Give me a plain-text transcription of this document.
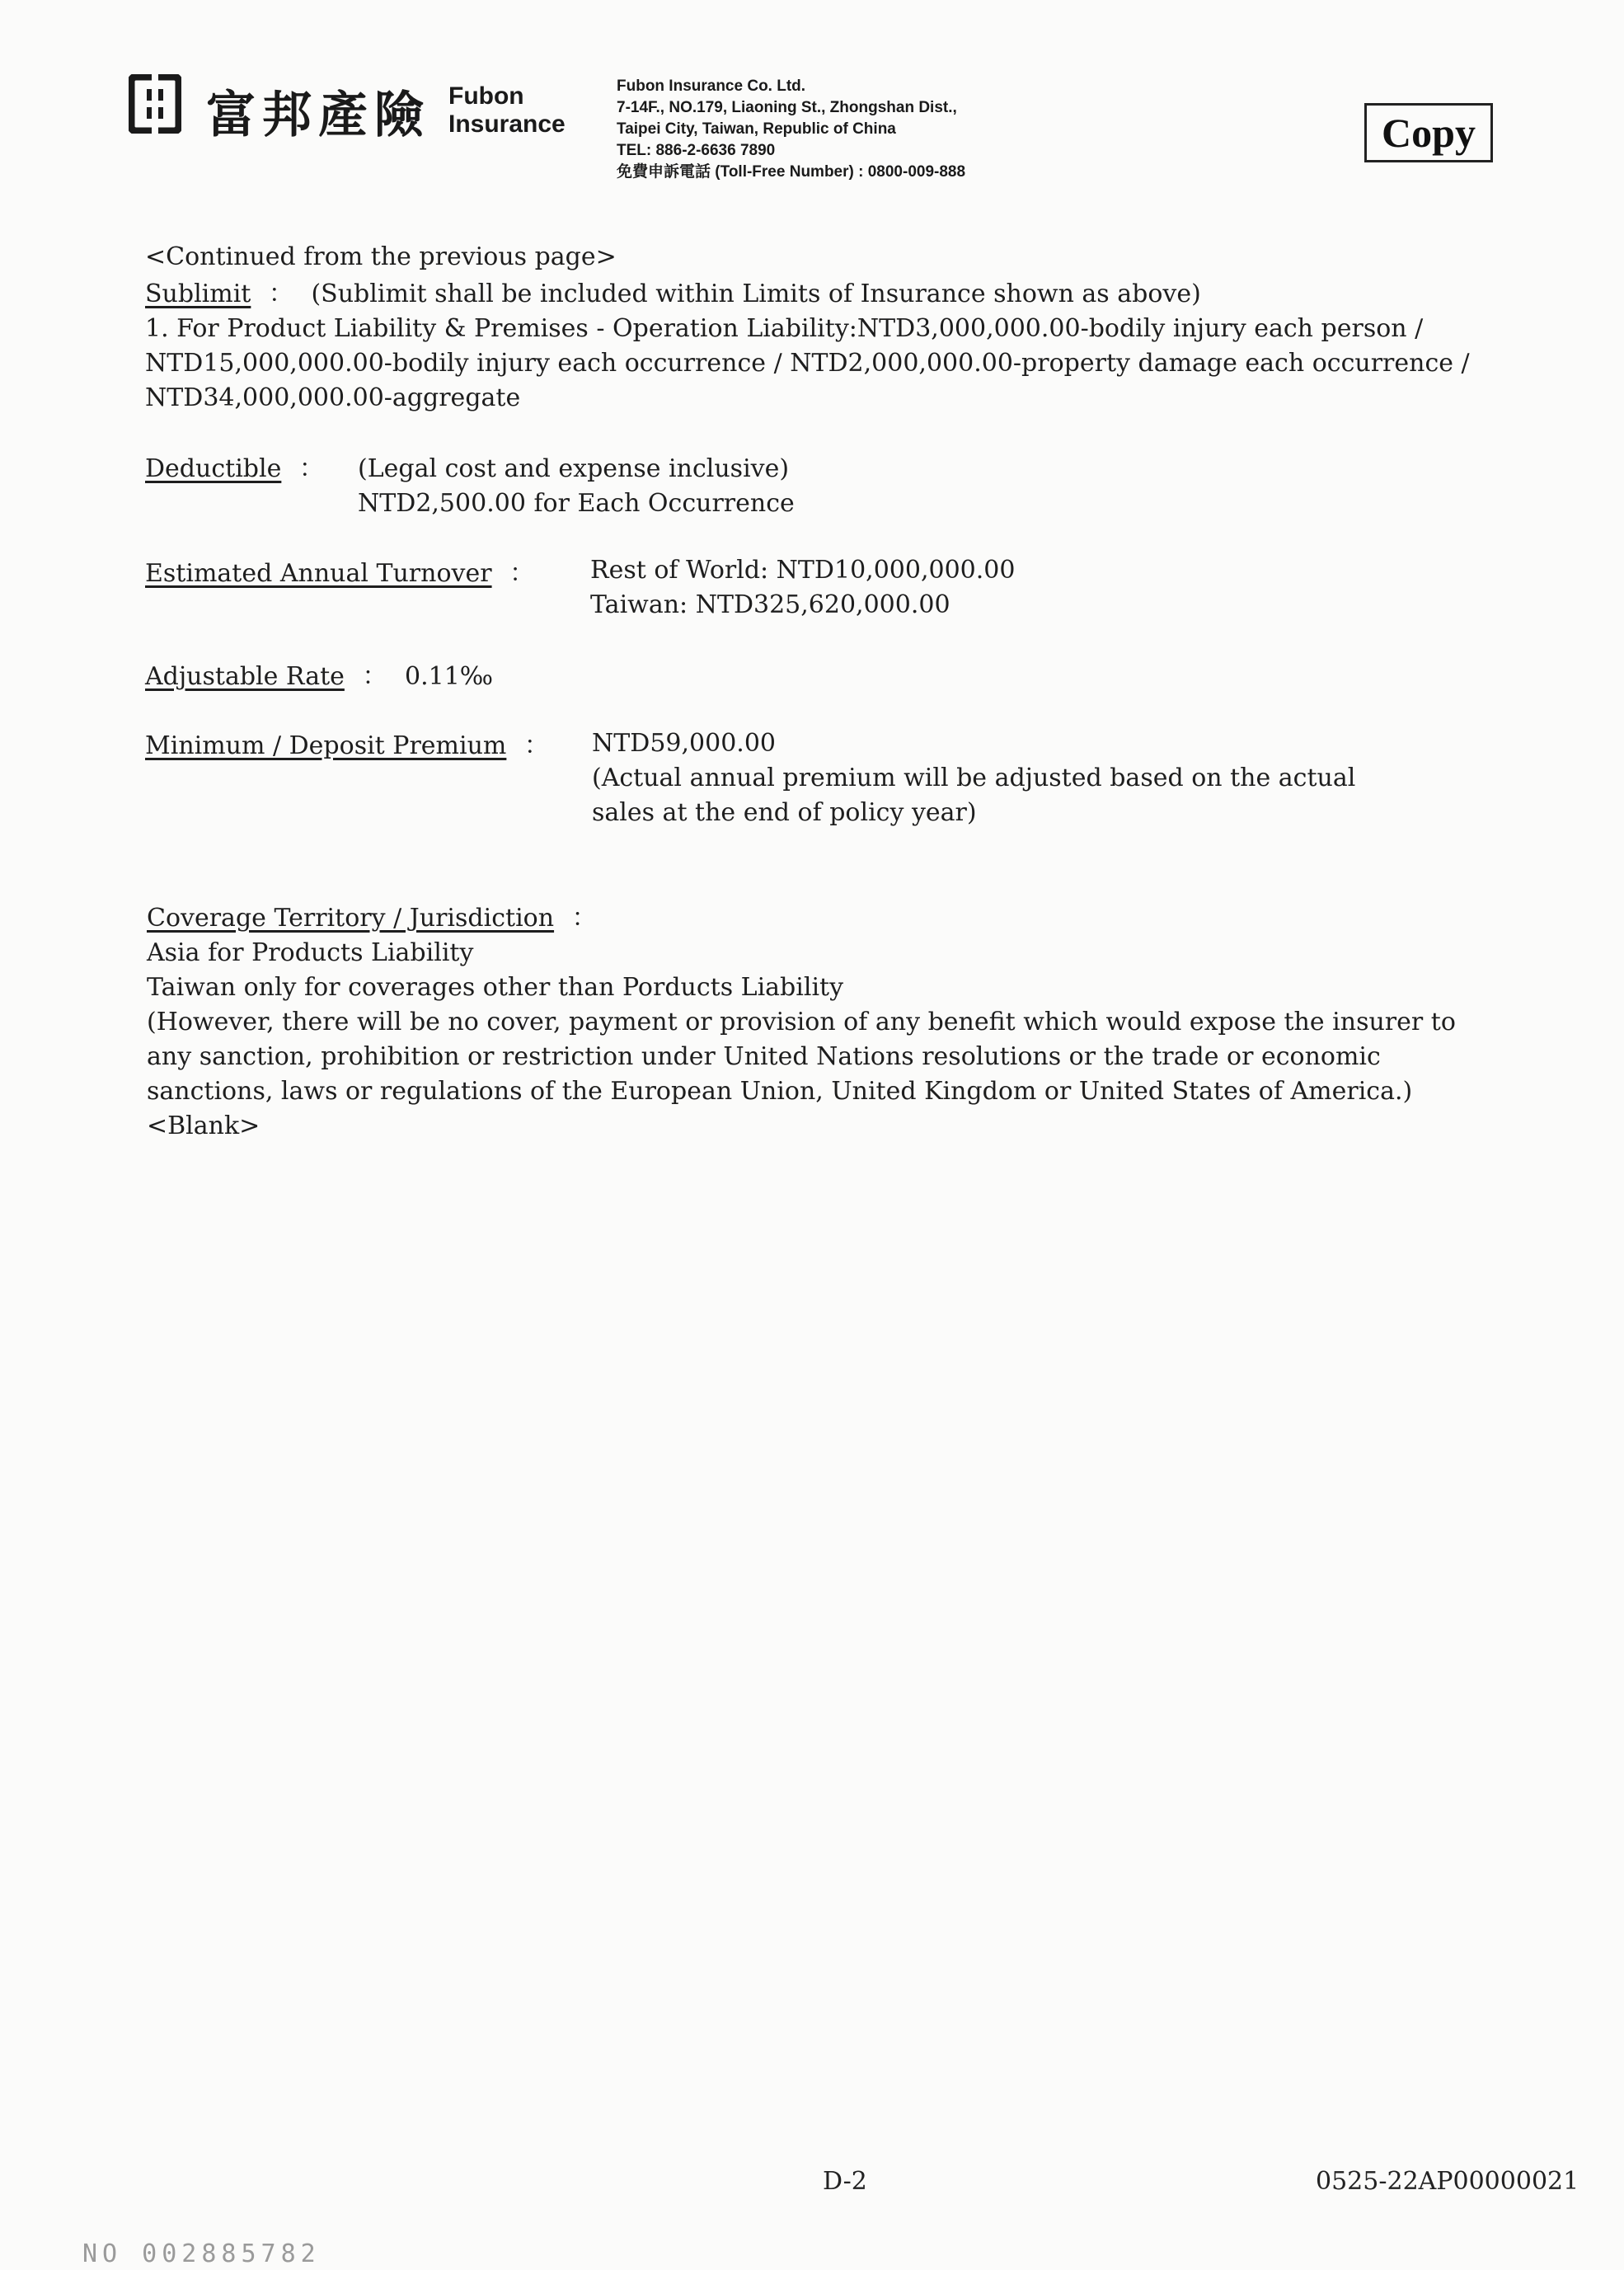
富邦產險 Fubon
Insurance
Fubon Insurance Co. Ltd.
7-14F., NO.179, Liaoning St., Zhongshan Dist.,
Taipei City, Taiwan, Republic of China
TEL: 886-2-6636 7890
免費申訴電話 (Toll-Free Number) : 0800-009-888
Copy
<Continued from the previous page>
Sublimit ： (Sublimit shall be included within Limits of Insurance shown as above)
1. For Product Liability & Premises - Operation Liability:NTD3,000,000.00-bodily injury each person /
NTD15,000,000.00-bodily injury each occurrence / NTD2,000,000.00-property damage each occurrence /
NTD34,000,000.00-aggregate
Deductible ：	(Legal cost and expense inclusive)
NTD2,500.00 for Each Occurrence
Estimated Annual Turnover ：	Rest of World: NTD10,000,000.00
Taiwan: NTD325,620,000.00
Adjustable Rate ： 0.11‰
Minimum / Deposit Premium ：	NTD59,000.00
(Actual annual premium will be adjusted based on the actual
sales at the end of policy year)
Coverage Territory / Jurisdiction ：
Asia for Products Liability
Taiwan only for coverages other than Porducts Liability
(However, there will be no cover, payment or provision of any benefit which would expose the insurer to
any sanction, prohibition or restriction under United Nations resolutions or the trade or economic
sanctions, laws or regulations of the European Union, United Kingdom or United States of America.)
<Blank>
D-2	0525-22AP00000021
NO 002885782
